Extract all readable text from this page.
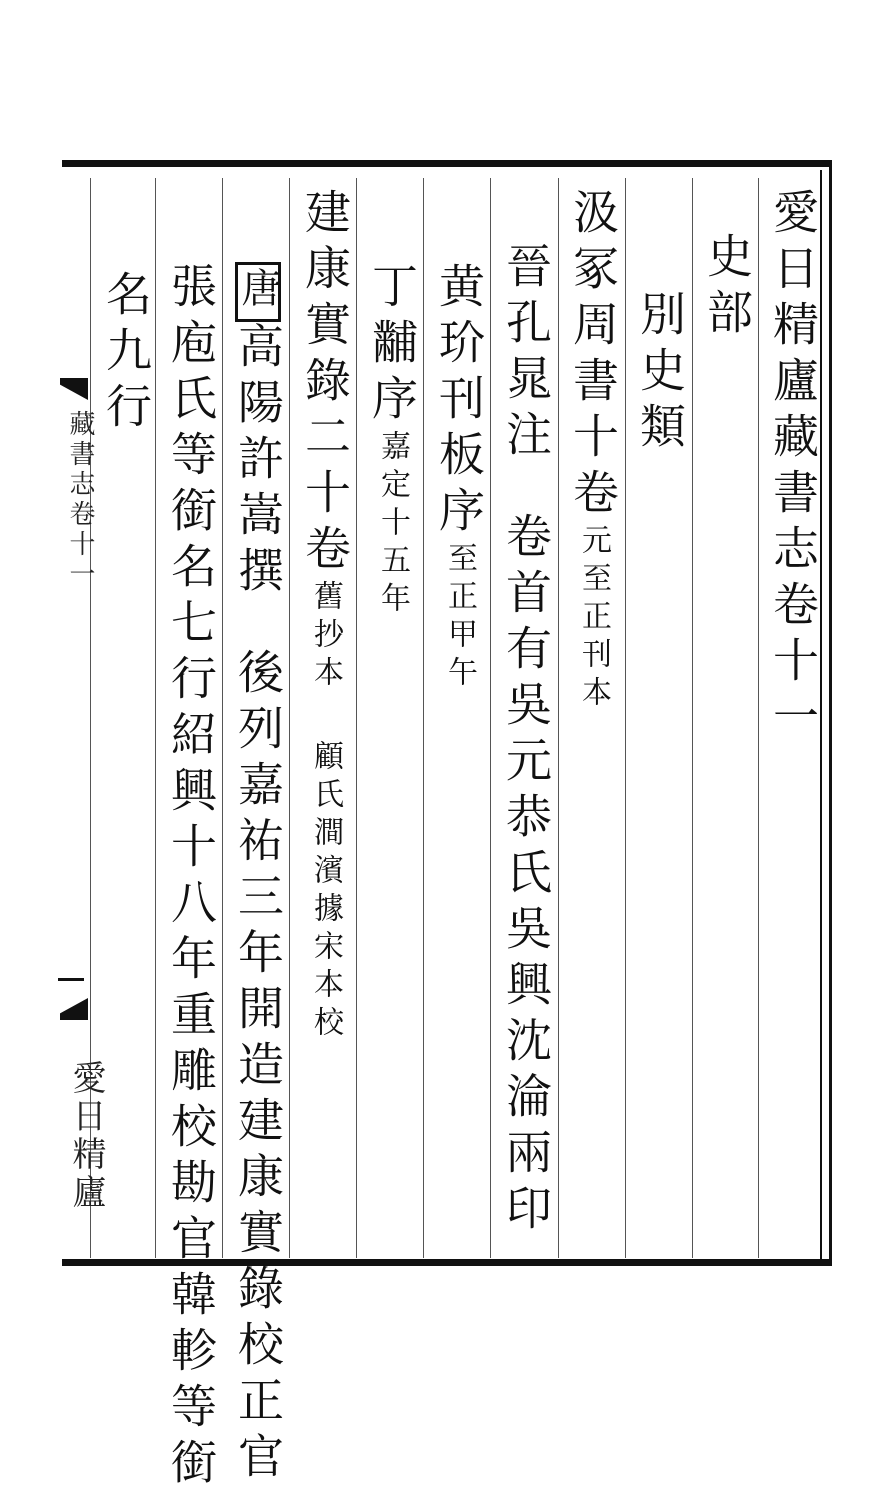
藏書志卷十一
愛日精廬
愛日精廬藏書志卷十一
史部
別史類
汲冢周書十卷元至正刊本
晉孔晁注卷首有吳元恭氏吳興沈淪兩印
黄玠刊板序至正甲午
丁黼序嘉定十五年
建康實錄二十卷舊抄本顧氏澗濱據宋本校
唐高陽許嵩撰後列嘉祐三年開造建康實錄校正官
張庖氏等銜名七行紹興十八年重雕校勘官韓軫等銜
名九行
